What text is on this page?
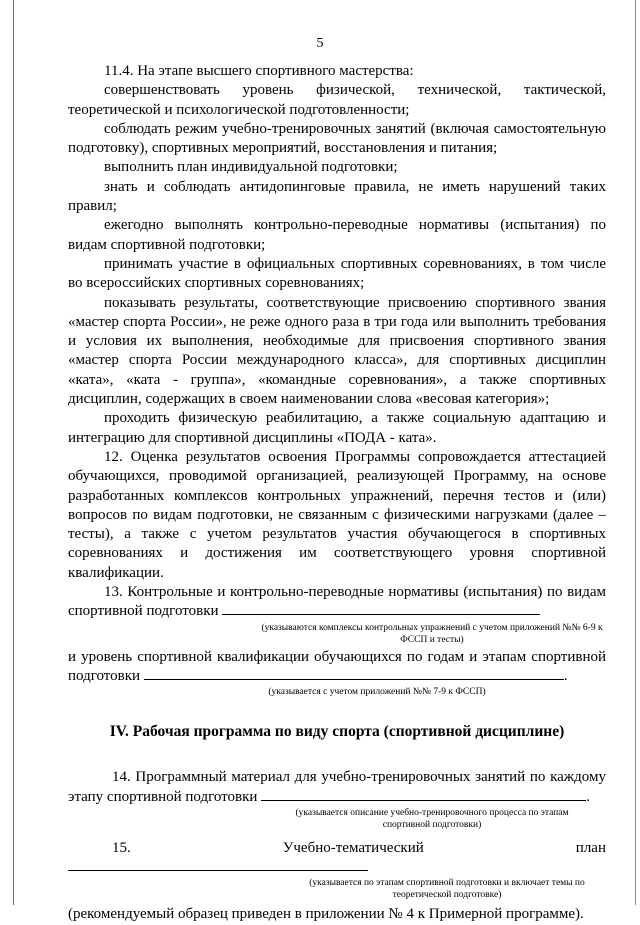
5

11.4. На этапе высшего спортивного мастерства:

совершенствовать уровень физической, технической, тактической, теоретической и психологической подготовленности;

соблюдать режим учебно-тренировочных занятий (включая самостоятельную подготовку), спортивных мероприятий, восстановления и питания;

выполнить план индивидуальной подготовки;

знать и соблюдать антидопинговые правила, не иметь нарушений таких правил;

ежегодно выполнять контрольно-переводные нормативы (испытания) по видам спортивной подготовки;

принимать участие в официальных спортивных соревнованиях, в том числе во всероссийских спортивных соревнованиях;

показывать результаты, соответствующие присвоению спортивного звания «мастер спорта России», не реже одного раза в три года или выполнить требования и условия их выполнения, необходимые для присвоения спортивного звания «мастер спорта России международного класса», для спортивных дисциплин «ката», «ката - группа», «командные соревнования», а также спортивных дисциплин, содержащих в своем наименовании слова «весовая категория»;

проходить физическую реабилитацию, а также социальную адаптацию и интеграцию для спортивной дисциплины «ПОДА - ката».

12. Оценка результатов освоения Программы сопровождается аттестацией обучающихся, проводимой организацией, реализующей Программу, на основе разработанных комплексов контрольных упражнений, перечня тестов и (или) вопросов по видам подготовки, не связанным с физическими нагрузками (далее – тесты), а также с учетом результатов участия обучающегося в спортивных соревнованиях и достижения им соответствующего уровня спортивной квалификации.

13. Контрольные и контрольно-переводные нормативы (испытания) по видам спортивной подготовки

(указываются комплексы контрольных упражнений с учетом приложений №№ 6-9 к ФССП и тесты)

и уровень спортивной квалификации обучающихся по годам и этапам спортивной подготовки	.

(указывается с учетом приложений №№ 7-9 к ФССП)

IV. Рабочая программа по виду спорта (спортивной дисциплине)

14. Программный материал для учебно-тренировочных занятий по каждому этапу спортивной подготовки	.

(указывается описание учебно-тренировочного процесса по этапам спортивной подготовки)

15. Учебно-тематический план

(указывается по этапам спортивной подготовки и включает темы по теоретической подготовке)

(рекомендуемый образец приведен в приложении № 4 к Примерной программе).
